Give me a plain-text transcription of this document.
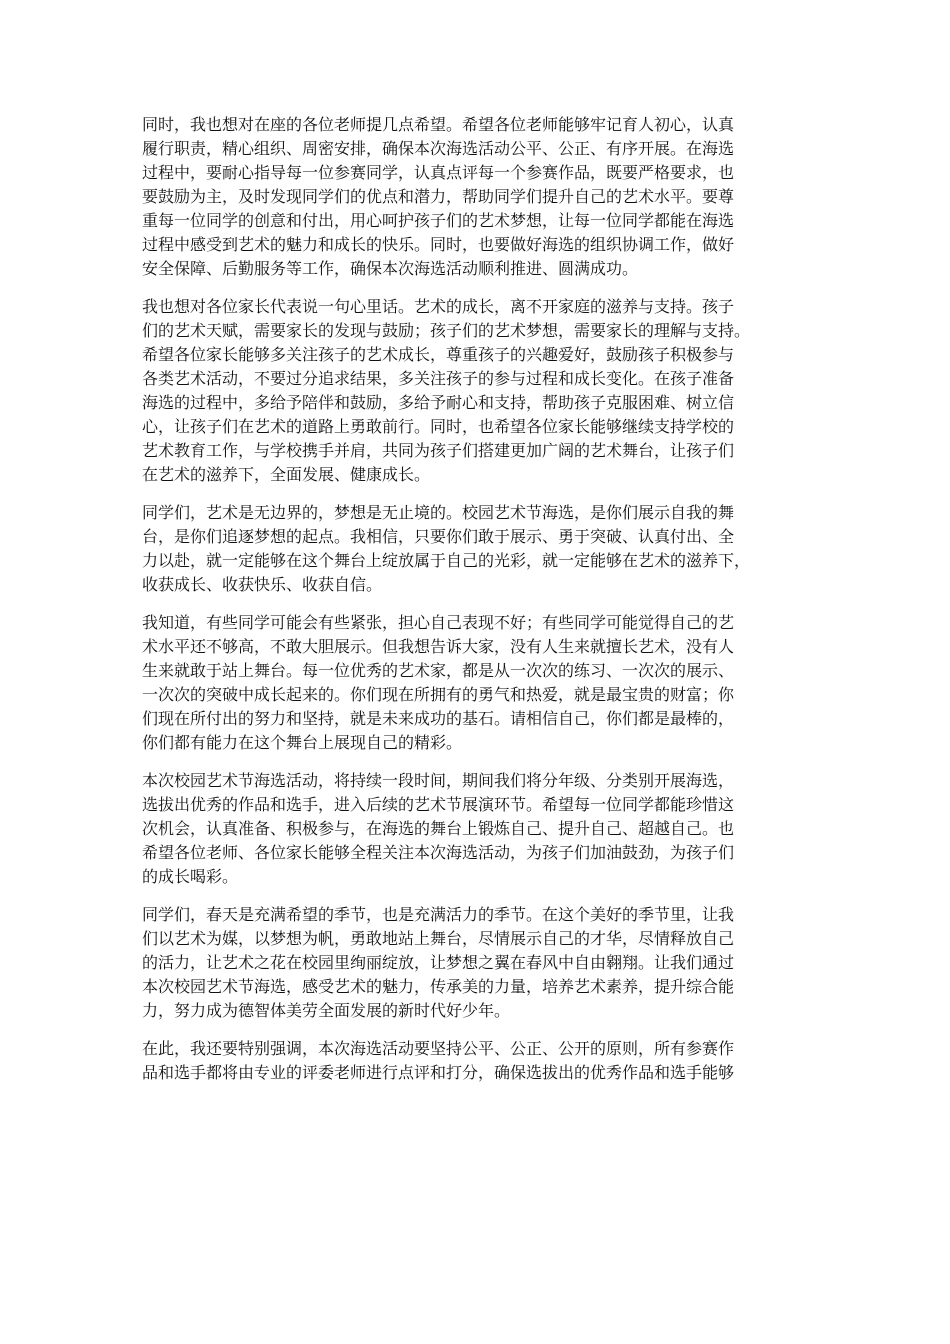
同时，我也想对在座的各位老师提几点希望。希望各位老师能够牢记育人初心，认真
履行职责，精心组织、周密安排，确保本次海选活动公平、公正、有序开展。在海选
过程中，要耐心指导每一位参赛同学，认真点评每一个参赛作品，既要严格要求，也
要鼓励为主，及时发现同学们的优点和潜力，帮助同学们提升自己的艺术水平。要尊
重每一位同学的创意和付出，用心呵护孩子们的艺术梦想，让每一位同学都能在海选
过程中感受到艺术的魅力和成长的快乐。同时，也要做好海选的组织协调工作，做好
安全保障、后勤服务等工作，确保本次海选活动顺利推进、圆满成功。
我也想对各位家长代表说一句心里话。艺术的成长，离不开家庭的滋养与支持。孩子
们的艺术天赋，需要家长的发现与鼓励；孩子们的艺术梦想，需要家长的理解与支持。
希望各位家长能够多关注孩子的艺术成长，尊重孩子的兴趣爱好，鼓励孩子积极参与
各类艺术活动，不要过分追求结果，多关注孩子的参与过程和成长变化。在孩子准备
海选的过程中，多给予陪伴和鼓励，多给予耐心和支持，帮助孩子克服困难、树立信
心，让孩子们在艺术的道路上勇敢前行。同时，也希望各位家长能够继续支持学校的
艺术教育工作，与学校携手并肩，共同为孩子们搭建更加广阔的艺术舞台，让孩子们
在艺术的滋养下，全面发展、健康成长。
同学们，艺术是无边界的，梦想是无止境的。校园艺术节海选，是你们展示自我的舞
台，是你们追逐梦想的起点。我相信，只要你们敢于展示、勇于突破、认真付出、全
力以赴，就一定能够在这个舞台上绽放属于自己的光彩，就一定能够在艺术的滋养下，
收获成长、收获快乐、收获自信。
我知道，有些同学可能会有些紧张，担心自己表现不好；有些同学可能觉得自己的艺
术水平还不够高，不敢大胆展示。但我想告诉大家，没有人生来就擅长艺术，没有人
生来就敢于站上舞台。每一位优秀的艺术家，都是从一次次的练习、一次次的展示、
一次次的突破中成长起来的。你们现在所拥有的勇气和热爱，就是最宝贵的财富；你
们现在所付出的努力和坚持，就是未来成功的基石。请相信自己，你们都是最棒的，
你们都有能力在这个舞台上展现自己的精彩。
本次校园艺术节海选活动，将持续一段时间，期间我们将分年级、分类别开展海选，
选拔出优秀的作品和选手，进入后续的艺术节展演环节。希望每一位同学都能珍惜这
次机会，认真准备、积极参与，在海选的舞台上锻炼自己、提升自己、超越自己。也
希望各位老师、各位家长能够全程关注本次海选活动，为孩子们加油鼓劲，为孩子们
的成长喝彩。
同学们，春天是充满希望的季节，也是充满活力的季节。在这个美好的季节里，让我
们以艺术为媒，以梦想为帆，勇敢地站上舞台，尽情展示自己的才华，尽情释放自己
的活力，让艺术之花在校园里绚丽绽放，让梦想之翼在春风中自由翱翔。让我们通过
本次校园艺术节海选，感受艺术的魅力，传承美的力量，培养艺术素养，提升综合能
力，努力成为德智体美劳全面发展的新时代好少年。
在此，我还要特别强调，本次海选活动要坚持公平、公正、公开的原则，所有参赛作
品和选手都将由专业的评委老师进行点评和打分，确保选拔出的优秀作品和选手能够
